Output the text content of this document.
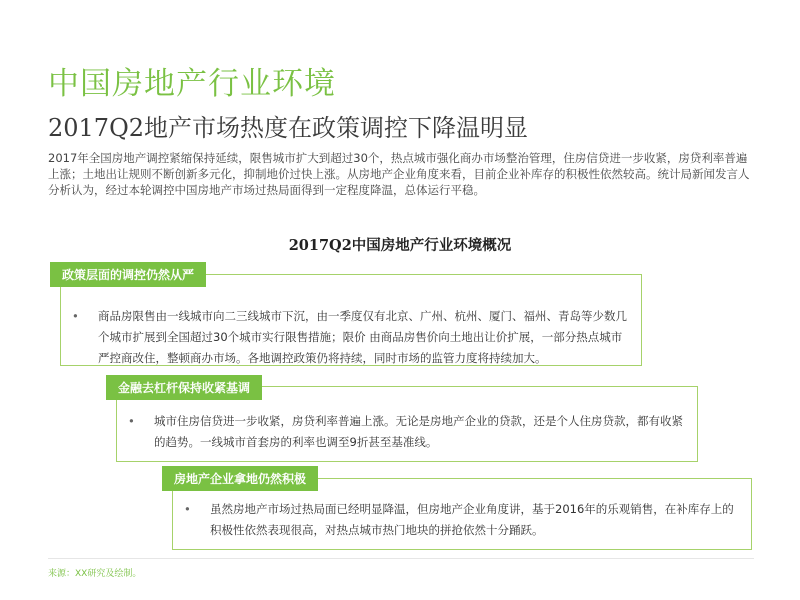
中国房地产行业环境
2017Q2地产市场热度在政策调控下降温明显

2017年全国房地产调控紧缩保持延续，限售城市扩大到超过30个，热点城市强化商办市场整治管理，住房信贷进一步收紧，房贷利率普遍上涨；土地出让规则不断创新多元化，抑制地价过快上涨。从房地产企业角度来看，目前企业补库存的积极性依然较高。统计局新闻发言人分析认为，经过本轮调控中国房地产市场过热局面得到一定程度降温，总体运行平稳。

2017Q2中国房地产行业环境概况
政策层面的调控仍然从严
•	商品房限售由一线城市向二三线城市下沉，由一季度仅有北京、广州、杭州、厦门、福州、青岛等少数几个城市扩展到全国超过30个城市实行限售措施；限价 由商品房售价向土地出让价扩展，一部分热点城市严控商改住，整顿商办市场。各地调控政策仍将持续，同时市场的监管力度将持续加大。
金融去杠杆保持收紧基调
•	城市住房信贷进一步收紧，房贷利率普遍上涨。无论是房地产企业的贷款，还是个人住房贷款，都有收紧的趋势。一线城市首套房的利率也调至9折甚至基准线。
房地产企业拿地仍然积极
•	虽然房地产市场过热局面已经明显降温，但房地产企业角度讲，基于2016年的乐观销售，在补库存上的积极性依然表现很高，对热点城市热门地块的拼抢依然十分踊跃。

来源：XX研究及绘制。
